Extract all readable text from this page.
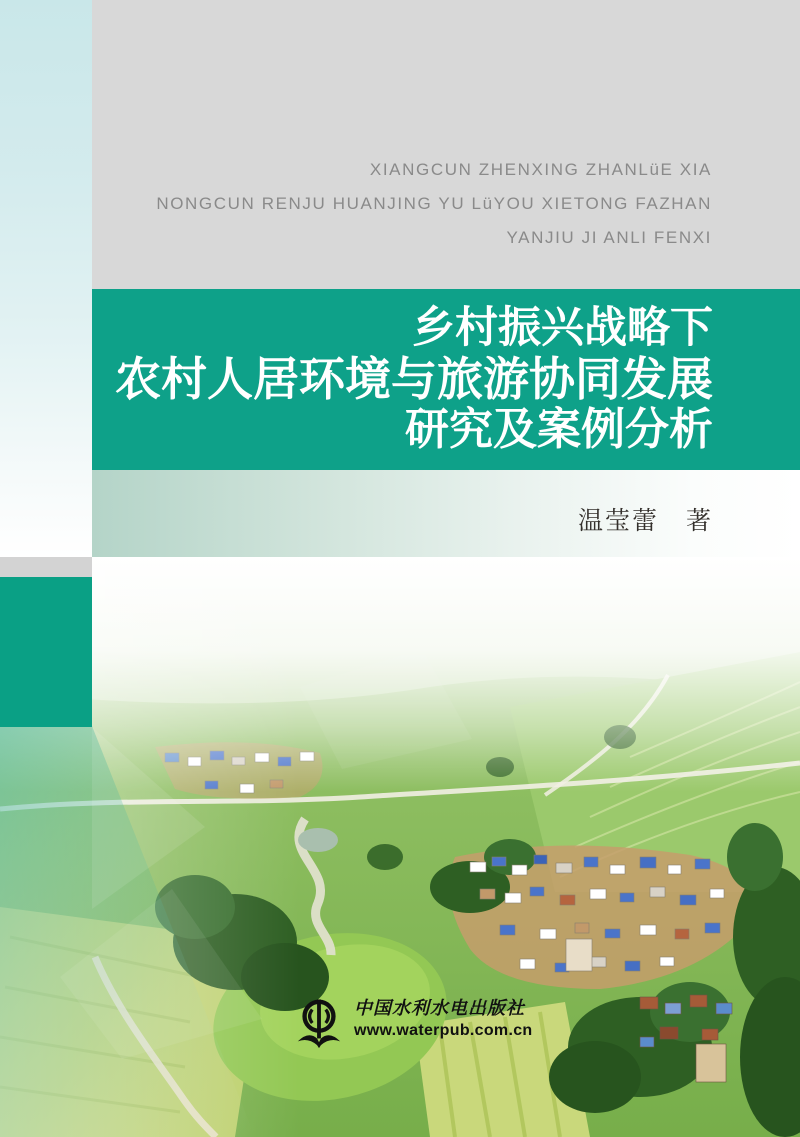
XIANGCUN ZHENXING ZHANLüE XIA
NONGCUN RENJU HUANJING YU LüYOU XIETONG FAZHAN
YANJIU JI ANLI FENXI
乡村振兴战略下
农村人居环境与旅游协同发展
研究及案例分析
温莹蕾　著
中国水利水电出版社
www.waterpub.com.cn
